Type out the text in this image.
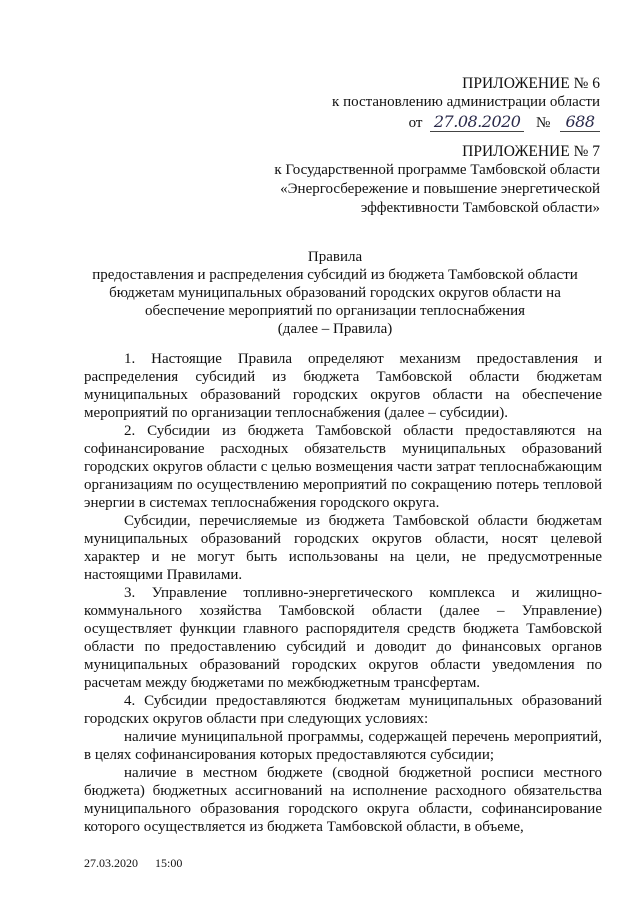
ПРИЛОЖЕНИЕ № 6
к постановлению администрации области
от 27.08.2020 № 688
ПРИЛОЖЕНИЕ № 7
к Государственной программе Тамбовской области
«Энергосбережение и повышение энергетической
эффективности Тамбовской области»
Правила
предоставления и распределения субсидий из бюджета Тамбовской области
бюджетам муниципальных образований городских округов области на
обеспечение мероприятий по организации теплоснабжения
(далее – Правила)

1. Настоящие Правила определяют механизм предоставления и распределения субсидий из бюджета Тамбовской области бюджетам муниципальных образований городских округов области на обеспечение мероприятий по организации теплоснабжения (далее – субсидии).

2. Субсидии из бюджета Тамбовской области предоставляются на софинансирование расходных обязательств муниципальных образований городских округов области с целью возмещения части затрат теплоснабжающим организациям по осуществлению мероприятий по сокращению потерь тепловой энергии в системах теплоснабжения городского округа.

Субсидии, перечисляемые из бюджета Тамбовской области бюджетам муниципальных образований городских округов области, носят целевой характер и не могут быть использованы на цели, не предусмотренные настоящими Правилами.

3. Управление топливно-энергетического комплекса и жилищно-коммунального хозяйства Тамбовской области (далее – Управление) осуществляет функции главного распорядителя средств бюджета Тамбовской области по предоставлению субсидий и доводит до финансовых органов муниципальных образований городских округов области уведомления по расчетам между бюджетами по межбюджетным трансфертам.

4. Субсидии предоставляются бюджетам муниципальных образований городских округов области при следующих условиях:

наличие муниципальной программы, содержащей перечень мероприятий, в целях софинансирования которых предоставляются субсидии;

наличие в местном бюджете (сводной бюджетной росписи местного бюджета) бюджетных ассигнований на исполнение расходного обязательства муниципального образования городского округа области, софинансирование которого осуществляется из бюджета Тамбовской области, в объеме,

27.03.2020 15:00
